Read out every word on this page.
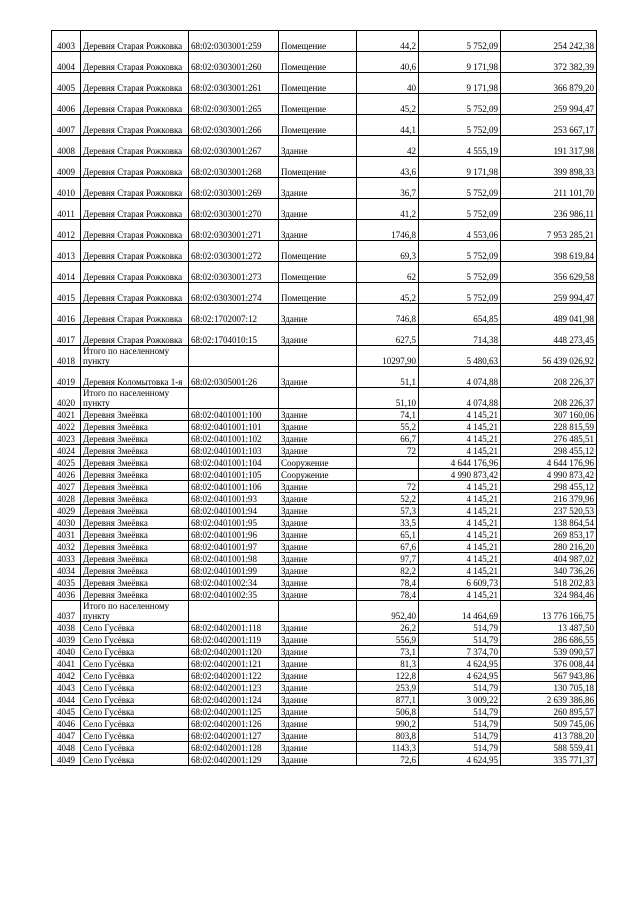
4003	Деревня Старая Рожковка	68:02:0303001:259	Помещение	44,2	5 752,09	254 242,38
4004	Деревня Старая Рожковка	68:02:0303001:260	Помещение	40,6	9 171,98	372 382,39
4005	Деревня Старая Рожковка	68:02:0303001:261	Помещение	40	9 171,98	366 879,20
4006	Деревня Старая Рожковка	68:02:0303001:265	Помещение	45,2	5 752,09	259 994,47
4007	Деревня Старая Рожковка	68:02:0303001:266	Помещение	44,1	5 752,09	253 667,17
4008	Деревня Старая Рожковка	68:02:0303001:267	Здание	42	4 555,19	191 317,98
4009	Деревня Старая Рожковка	68:02:0303001:268	Помещение	43,6	9 171,98	399 898,33
4010	Деревня Старая Рожковка	68:02:0303001:269	Здание	36,7	5 752,09	211 101,70
4011	Деревня Старая Рожковка	68:02:0303001:270	Здание	41,2	5 752,09	236 986,11
4012	Деревня Старая Рожковка	68:02:0303001:271	Здание	1746,8	4 553,06	7 953 285,21
4013	Деревня Старая Рожковка	68:02:0303001:272	Помещение	69,3	5 752,09	398 619,84
4014	Деревня Старая Рожковка	68:02:0303001:273	Помещение	62	5 752,09	356 629,58
4015	Деревня Старая Рожковка	68:02:0303001:274	Помещение	45,2	5 752,09	259 994,47
4016	Деревня Старая Рожковка	68:02:1702007:12	Здание	746,8	654,85	489 041,98
4017	Деревня Старая Рожковка	68:02:1704010:15	Здание	627,5	714,38	448 273,45
4018	Итого по населенному пункту			10297,90	5 480,63	56 439 026,92
4019	Деревня Коломытовка 1-я	68:02:0305001:26	Здание	51,1	4 074,88	208 226,37
4020	Итого по населенному пункту			51,10	4 074,88	208 226,37
4021	Деревня Змеёвка	68:02:0401001:100	Здание	74,1	4 145,21	307 160,06
4022	Деревня Змеёвка	68:02:0401001:101	Здание	55,2	4 145,21	228 815,59
4023	Деревня Змеёвка	68:02:0401001:102	Здание	66,7	4 145,21	276 485,51
4024	Деревня Змеёвка	68:02:0401001:103	Здание	72	4 145,21	298 455,12
4025	Деревня Змеёвка	68:02:0401001:104	Сооружение		4 644 176,96	4 644 176,96
4026	Деревня Змеёвка	68:02:0401001:105	Сооружение		4 990 873,42	4 990 873,42
4027	Деревня Змеёвка	68:02:0401001:106	Здание	72	4 145,21	298 455,12
4028	Деревня Змеёвка	68:02:0401001:93	Здание	52,2	4 145,21	216 379,96
4029	Деревня Змеёвка	68:02:0401001:94	Здание	57,3	4 145,21	237 520,53
4030	Деревня Змеёвка	68:02:0401001:95	Здание	33,5	4 145,21	138 864,54
4031	Деревня Змеёвка	68:02:0401001:96	Здание	65,1	4 145,21	269 853,17
4032	Деревня Змеёвка	68:02:0401001:97	Здание	67,6	4 145,21	280 216,20
4033	Деревня Змеёвка	68:02:0401001:98	Здание	97,7	4 145,21	404 987,02
4034	Деревня Змеёвка	68:02:0401001:99	Здание	82,2	4 145,21	340 736,26
4035	Деревня Змеёвка	68:02:0401002:34	Здание	78,4	6 609,73	518 202,83
4036	Деревня Змеёвка	68:02:0401002:35	Здание	78,4	4 145,21	324 984,46
4037	Итого по населенному пункту			952,40	14 464,69	13 776 166,75
4038	Село Гусёвка	68:02:0402001:118	Здание	26,2	514,79	13 487,50
4039	Село Гусёвка	68:02:0402001:119	Здание	556,9	514,79	286 686,55
4040	Село Гусёвка	68:02:0402001:120	Здание	73,1	7 374,70	539 090,57
4041	Село Гусёвка	68:02:0402001:121	Здание	81,3	4 624,95	376 008,44
4042	Село Гусёвка	68:02:0402001:122	Здание	122,8	4 624,95	567 943,86
4043	Село Гусёвка	68:02:0402001:123	Здание	253,9	514,79	130 705,18
4044	Село Гусёвка	68:02:0402001:124	Здание	877,1	3 009,22	2 639 386,86
4045	Село Гусёвка	68:02:0402001:125	Здание	506,8	514,79	260 895,57
4046	Село Гусёвка	68:02:0402001:126	Здание	990,2	514,79	509 745,06
4047	Село Гусёвка	68:02:0402001:127	Здание	803,8	514,79	413 788,20
4048	Село Гусёвка	68:02:0402001:128	Здание	1143,3	514,79	588 559,41
4049	Село Гусёвка	68:02:0402001:129	Здание	72,6	4 624,95	335 771,37
